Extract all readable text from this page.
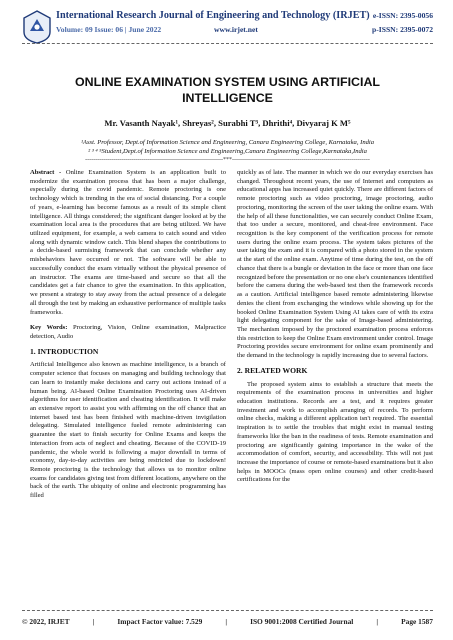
International Research Journal of Engineering and Technology (IRJET)
Volume: 09 Issue: 06 | June 2022	www.irjet.net
e-ISSN: 2395-0056
p-ISSN: 2395-0072
ONLINE EXAMINATION SYSTEM USING ARTIFICIAL
INTELLIGENCE
Mr. Vasanth Nayak¹, Shreyas², Surabhi T³, Dhrithi⁴, Divyaraj K M⁵
¹Asst. Professor, Dept.of Information Science and Engineering, Canara Engineering College, Karnataka, India
² ³ ⁴ ⁵Student,Dept.of Information Science and Engineering,Canara Engineering College,Karnataka,India
---------------------------------------------------------------------***---------------------------------------------------------------------

Abstract - Online Examination System is an application built to modernize the examination process that has been a major challenge, especially during the covid pandemic. Remote proctoring is one technology which is trending in the era of social distancing. For a couple of years, e-learning has become famous as a result of its simple client intelligence. All things considered; the significant danger looked at by the examination local area is the procedures that are being utilized. We have utilized equipment, for example, a web camera to catch sound and video along with dynamic window catch. This blend shapes the contributions to a decide-based surmising framework that can conclude whether any misbehaviors have occurred or not. The software will be able to successfully conduct the exam virtually without the physical presence of an instructor. The exams are time-based and secure so that all the candidates get a fair chance to give the examination. In this application, we present a strategy to stay away from the actual presence of a delegate all through the test by making an exhaustive performance of multiple tasks frameworks.

Key Words: Proctoring, Vision, Online examination, Malpractice detection, Audio

1. INTRODUCTION

Artificial Intelligence also known as machine intelligence, is a branch of computer science that focuses on managing and building technology that can learn to instantly make decisions and carry out actions instead of a human being. AI-based Online Examination Proctoring uses AI-driven algorithms for user identification and cheating identification. It will make an extensive report to assist you with affirming on the off chance that an internet based test has been finished with machine-driven invigilation delegating. Simulated intelligence fueled remote administering can guarantee the start to finish security for Online Exams and keeps the interaction from acts of neglect and cheating. Because of the COVID-19 pandemic, the whole world is following a major downfall in terms of economy, day-to-day activities are being restricted due to lockdown! Remote proctoring is the technology that allows us to monitor online exams for candidates giving test from different locations, anywhere on the back of the earth. The ubiquity of online and electronic programming has filled

quickly as of late. The manner in which we do our everyday exercises has changed. Throughout recent years, the use of Internet and computers as educational apps has increased quiet quickly. There are different factors of remote proctoring such as video proctoring, image proctoring, audio proctoring, monitoring the screen of the user taking the online exam. With the help of all these functionalities, we can securely conduct Online Exam, that too under a secure, monitored, and cheat-free environment. Face recognition is the key component of the verification process for remote users during the online exam process. The system takes pictures of the user taking the exam and it is compared with a photo stored in the system at the start of the online exam. Anytime of time during the test, on the off chance that there is a bungle or deviation in the face or more than one face recognized before the presentation or no one else's countenances identified before the camera during the web-based test then the framework records as a caution. Artificial intelligence based remote administering likewise denies the client from exchanging the windows while showing up for the booked Online Examination System Using AI takes care of with its extra light delegating component for the sake of Image-based administering. The mechanism imposed by the proctored examination process enforces this restriction to keep the Online Exam environment under control. Image Proctoring provides secure environment for online exam prominently and the demand in the technology is rapidly increasing due to several factors.

2. RELATED WORK

The proposed system aims to establish a structure that meets the requirements of the examination process in universities and higher education institutions. Records are a test, and it requires greater investment and work to accomplish arranging of records. To perform online checks, making a different application isn't required. The essential inspiration is to settle the troubles that might exist in manual testing frameworks like the ban in the readiness of tests. Remote examination and proctoring are significantly gaining importance in the wake of the accommodation of comfort, security, and accessibility. This will not just increase the importance of course or remote-based examinations but it also helps in MOOCs (mass open online courses) and other credit-based certifications for the

© 2022, IRJET	|	Impact Factor value: 7.529	|	ISO 9001:2008 Certified Journal	|	Page 1587
